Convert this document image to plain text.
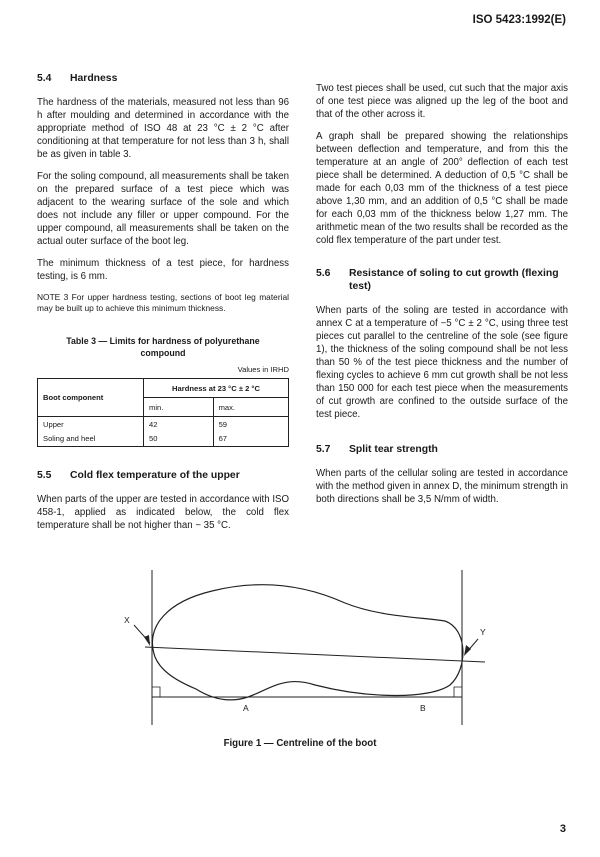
ISO 5423:1992(E)
5.4	Hardness

The hardness of the materials, measured not less than 96 h after moulding and determined in accordance with the appropriate method of ISO 48 at 23 °C ± 2 °C after conditioning at that temperature for not less than 3 h, shall be as given in table 3.

For the soling compound, all measurements shall be taken on the prepared surface of a test piece which was adjacent to the wearing surface of the sole and which does not include any filler or upper compound. For the upper compound, all measurements shall be taken on the actual outer surface of the boot leg.

The minimum thickness of a test piece, for hardness testing, is 6 mm.

NOTE 3 For upper hardness testing, sections of boot leg material may be built up to achieve this minimum thickness.
Table 3 — Limits for hardness of polyurethane
compound
Values in IRHD
Boot component	Hardness at 23 °C ± 2 °C	
	min.	max.
Upper	42	59
Soling and heel	50	67
5.5	Cold flex temperature of the upper

When parts of the upper are tested in accordance with ISO 458-1, applied as indicated below, the cold flex temperature shall be not higher than − 35 °C.

Two test pieces shall be used, cut such that the major axis of one test piece was aligned up the leg of the boot and that of the other across it.

A graph shall be prepared showing the relationships between deflection and temperature, and from this the temperature at an angle of 200° deflection of each test piece shall be determined. A deduction of 0,5 °C shall be made for each 0,03 mm of the thickness of a test piece above 1,30 mm, and an addition of 0,5 °C shall be made for each 0,03 mm of the thickness below 1,27 mm. The arithmetic mean of the two results shall be recorded as the cold flex temperature of the part under test.

5.6	Resistance of soling to cut growth (flexing test)

When parts of the soling are tested in accordance with annex C at a temperature of −5 °C ± 2 °C, using three test pieces cut parallel to the centreline of the sole (see figure 1), the thickness of the soling compound shall be not less than 50 % of the test piece thickness and the number of flexing cycles to achieve 6 mm cut growth shall be not less than 150 000 for each test piece when the measurements of cut growth are confined to the outside surface of the test piece.

5.7	Split tear strength

When parts of the cellular soling are tested in accordance with the method given in annex D, the minimum strength in both directions shall be 3,5 N/mm of width.

X
Y
A	B
Figure 1 — Centreline of the boot
3
